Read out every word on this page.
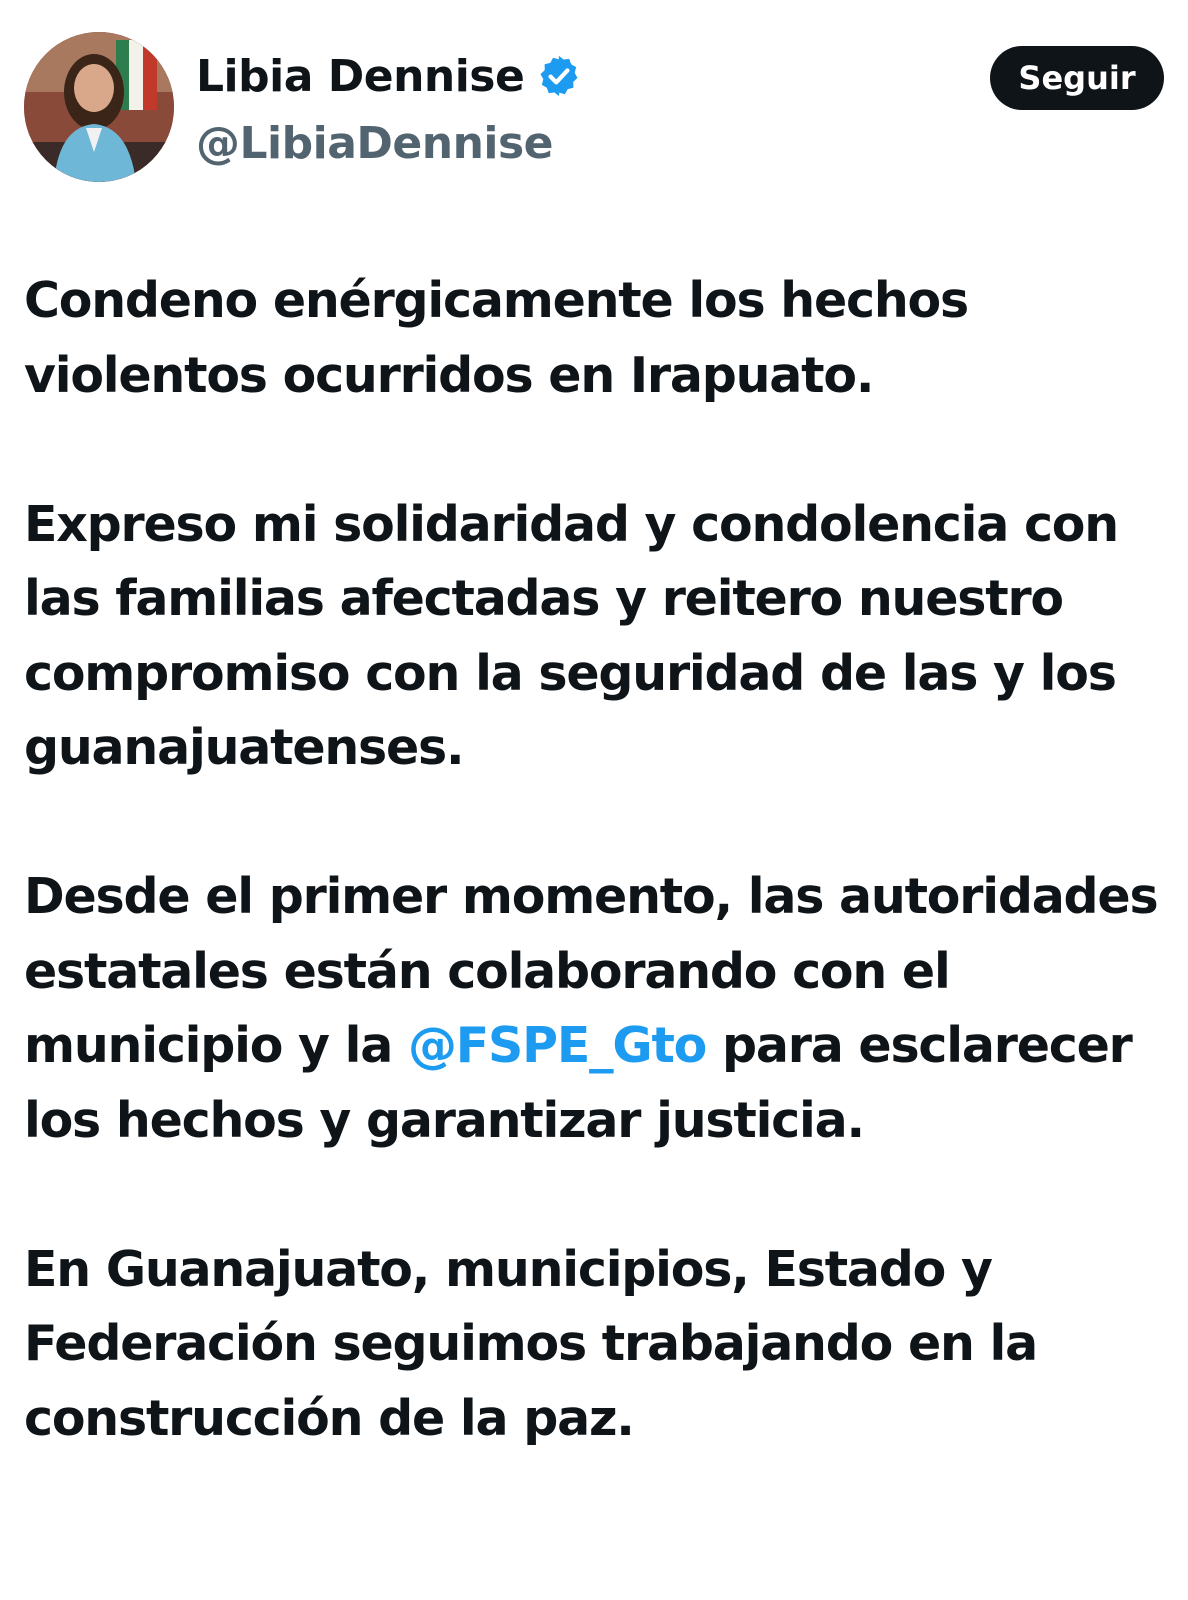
Libia Dennise
@LibiaDennise
Seguir

Condeno enérgicamente los hechos violentos ocurridos en Irapuato.

Expreso mi solidaridad y condolencia con las familias afectadas y reitero nuestro compromiso con la seguridad de las y los guanajuatenses.

Desde el primer momento, las autoridades estatales están colaborando con el municipio y la @FSPE_Gto para esclarecer los hechos y garantizar justicia.

En Guanajuato, municipios, Estado y Federación seguimos trabajando en la construcción de la paz.
